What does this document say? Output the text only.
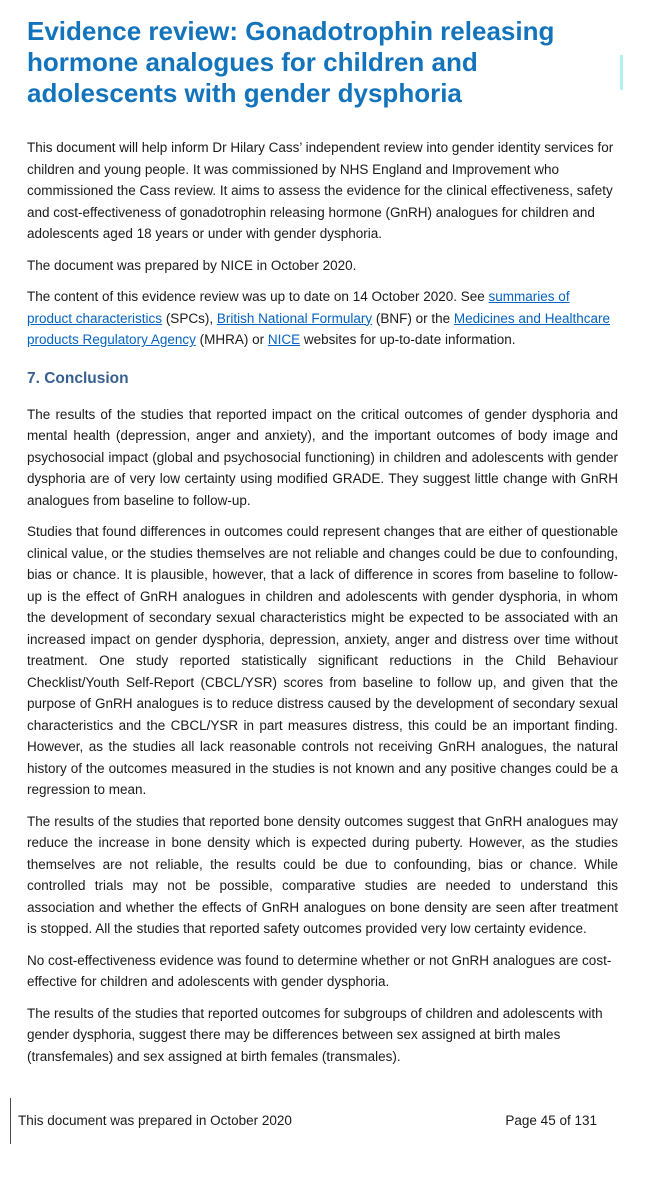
Evidence review: Gonadotrophin releasing hormone analogues for children and adolescents with gender dysphoria

This document will help inform Dr Hilary Cass’ independent review into gender identity services for children and young people. It was commissioned by NHS England and Improvement who commissioned the Cass review. It aims to assess the evidence for the clinical effectiveness, safety and cost-effectiveness of gonadotrophin releasing hormone (GnRH) analogues for children and adolescents aged 18 years or under with gender dysphoria.

The document was prepared by NICE in October 2020.

The content of this evidence review was up to date on 14 October 2020. See summaries of product characteristics (SPCs), British National Formulary (BNF) or the Medicines and Healthcare products Regulatory Agency (MHRA) or NICE websites for up-to-date information.

7. Conclusion

The results of the studies that reported impact on the critical outcomes of gender dysphoria and mental health (depression, anger and anxiety), and the important outcomes of body image and psychosocial impact (global and psychosocial functioning) in children and adolescents with gender dysphoria are of very low certainty using modified GRADE. They suggest little change with GnRH analogues from baseline to follow-up.

Studies that found differences in outcomes could represent changes that are either of questionable clinical value, or the studies themselves are not reliable and changes could be due to confounding, bias or chance. It is plausible, however, that a lack of difference in scores from baseline to follow-up is the effect of GnRH analogues in children and adolescents with gender dysphoria, in whom the development of secondary sexual characteristics might be expected to be associated with an increased impact on gender dysphoria, depression, anxiety, anger and distress over time without treatment. One study reported statistically significant reductions in the Child Behaviour Checklist/Youth Self-Report (CBCL/YSR) scores from baseline to follow up, and given that the purpose of GnRH analogues is to reduce distress caused by the development of secondary sexual characteristics and the CBCL/YSR in part measures distress, this could be an important finding. However, as the studies all lack reasonable controls not receiving GnRH analogues, the natural history of the outcomes measured in the studies is not known and any positive changes could be a regression to mean.

The results of the studies that reported bone density outcomes suggest that GnRH analogues may reduce the increase in bone density which is expected during puberty. However, as the studies themselves are not reliable, the results could be due to confounding, bias or chance. While controlled trials may not be possible, comparative studies are needed to understand this association and whether the effects of GnRH analogues on bone density are seen after treatment is stopped. All the studies that reported safety outcomes provided very low certainty evidence.

No cost-effectiveness evidence was found to determine whether or not GnRH analogues are cost-effective for children and adolescents with gender dysphoria.

The results of the studies that reported outcomes for subgroups of children and adolescents with gender dysphoria, suggest there may be differences between sex assigned at birth males (transfemales) and sex assigned at birth females (transmales).

This document was prepared in October 2020	Page 45 of 131
